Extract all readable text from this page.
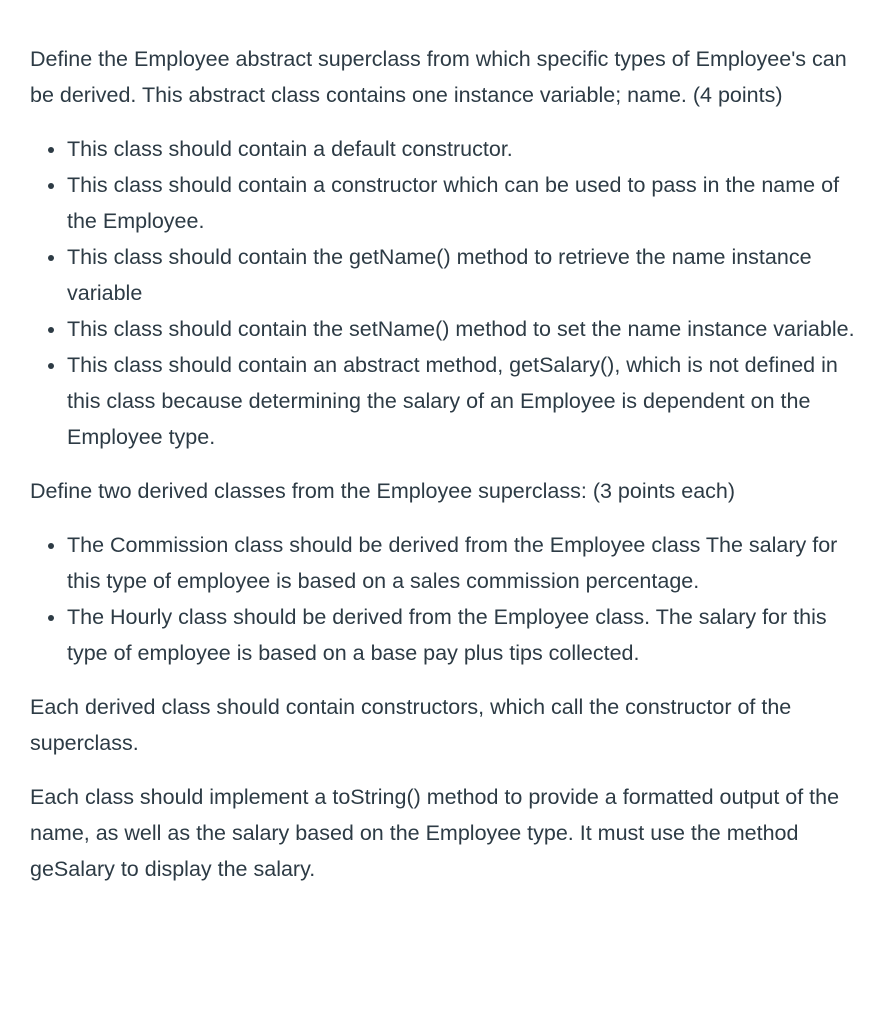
Define the Employee abstract superclass from which specific types of Employee's can be derived. This abstract class contains one instance variable; name. (4 points)

• This class should contain a default constructor.
• This class should contain a constructor which can be used to pass in the name of the Employee.
• This class should contain the getName() method to retrieve the name instance variable
• This class should contain the setName() method to set the name instance variable.
• This class should contain an abstract method, getSalary(), which is not defined in this class because determining the salary of an Employee is dependent on the Employee type.

Define two derived classes from the Employee superclass: (3 points each)

• The Commission class should be derived from the Employee class The salary for this type of employee is based on a sales commission percentage.
• The Hourly class should be derived from the Employee class. The salary for this type of employee is based on a base pay plus tips collected.

Each derived class should contain constructors, which call the constructor of the superclass.

Each class should implement a toString() method to provide a formatted output of the name, as well as the salary based on the Employee type. It must use the method geSalary to display the salary.
